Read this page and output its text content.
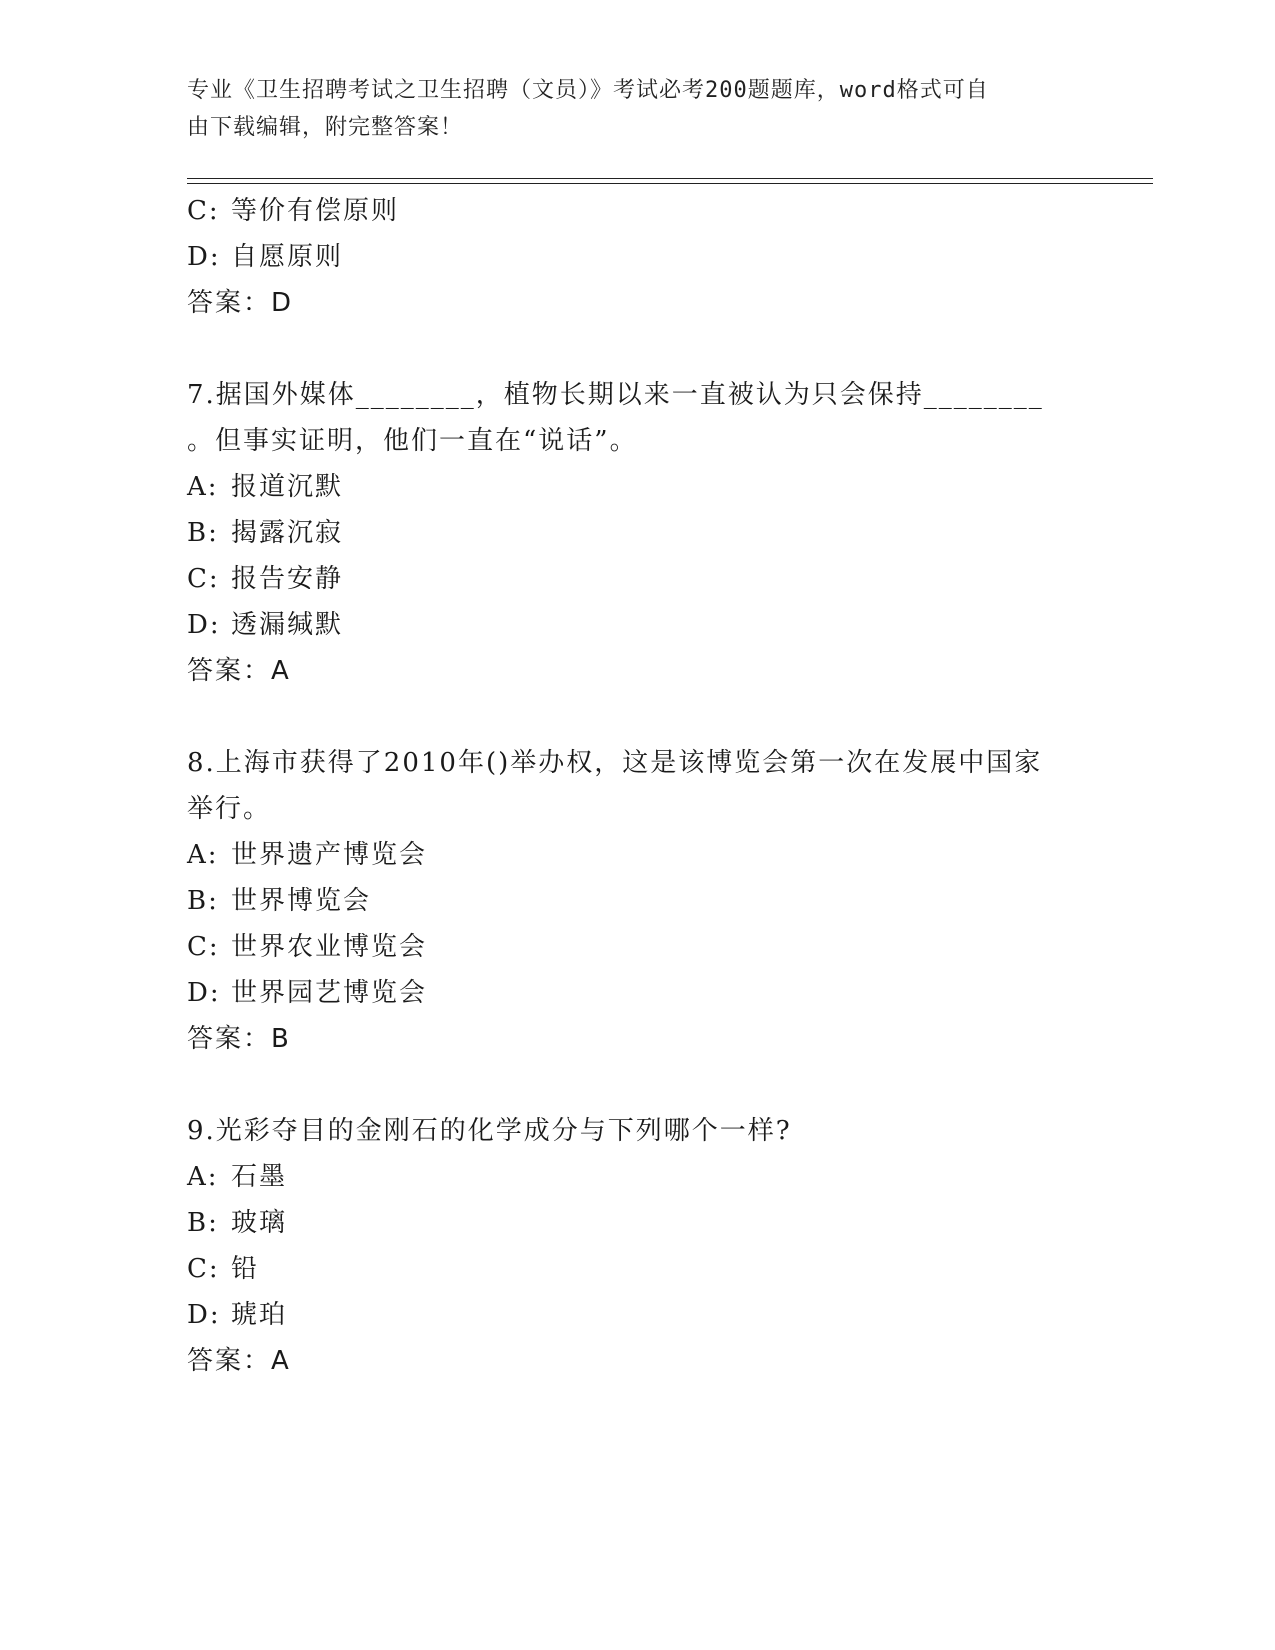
专业《卫生招聘考试之卫生招聘（文员）》考试必考200题题库，word格式可自
由下载编辑，附完整答案！
C: 等价有偿原则
D: 自愿原则
答案：D
7.据国外媒体________，植物长期以来一直被认为只会保持________
。但事实证明，他们一直在“说话”。
A: 报道沉默
B: 揭露沉寂
C: 报告安静
D: 透漏缄默
答案：A
8.上海市获得了2010年()举办权，这是该博览会第一次在发展中国家
举行。
A: 世界遗产博览会
B: 世界博览会
C: 世界农业博览会
D: 世界园艺博览会
答案：B
9.光彩夺目的金刚石的化学成分与下列哪个一样?
A: 石墨
B: 玻璃
C: 铅
D: 琥珀
答案：A
